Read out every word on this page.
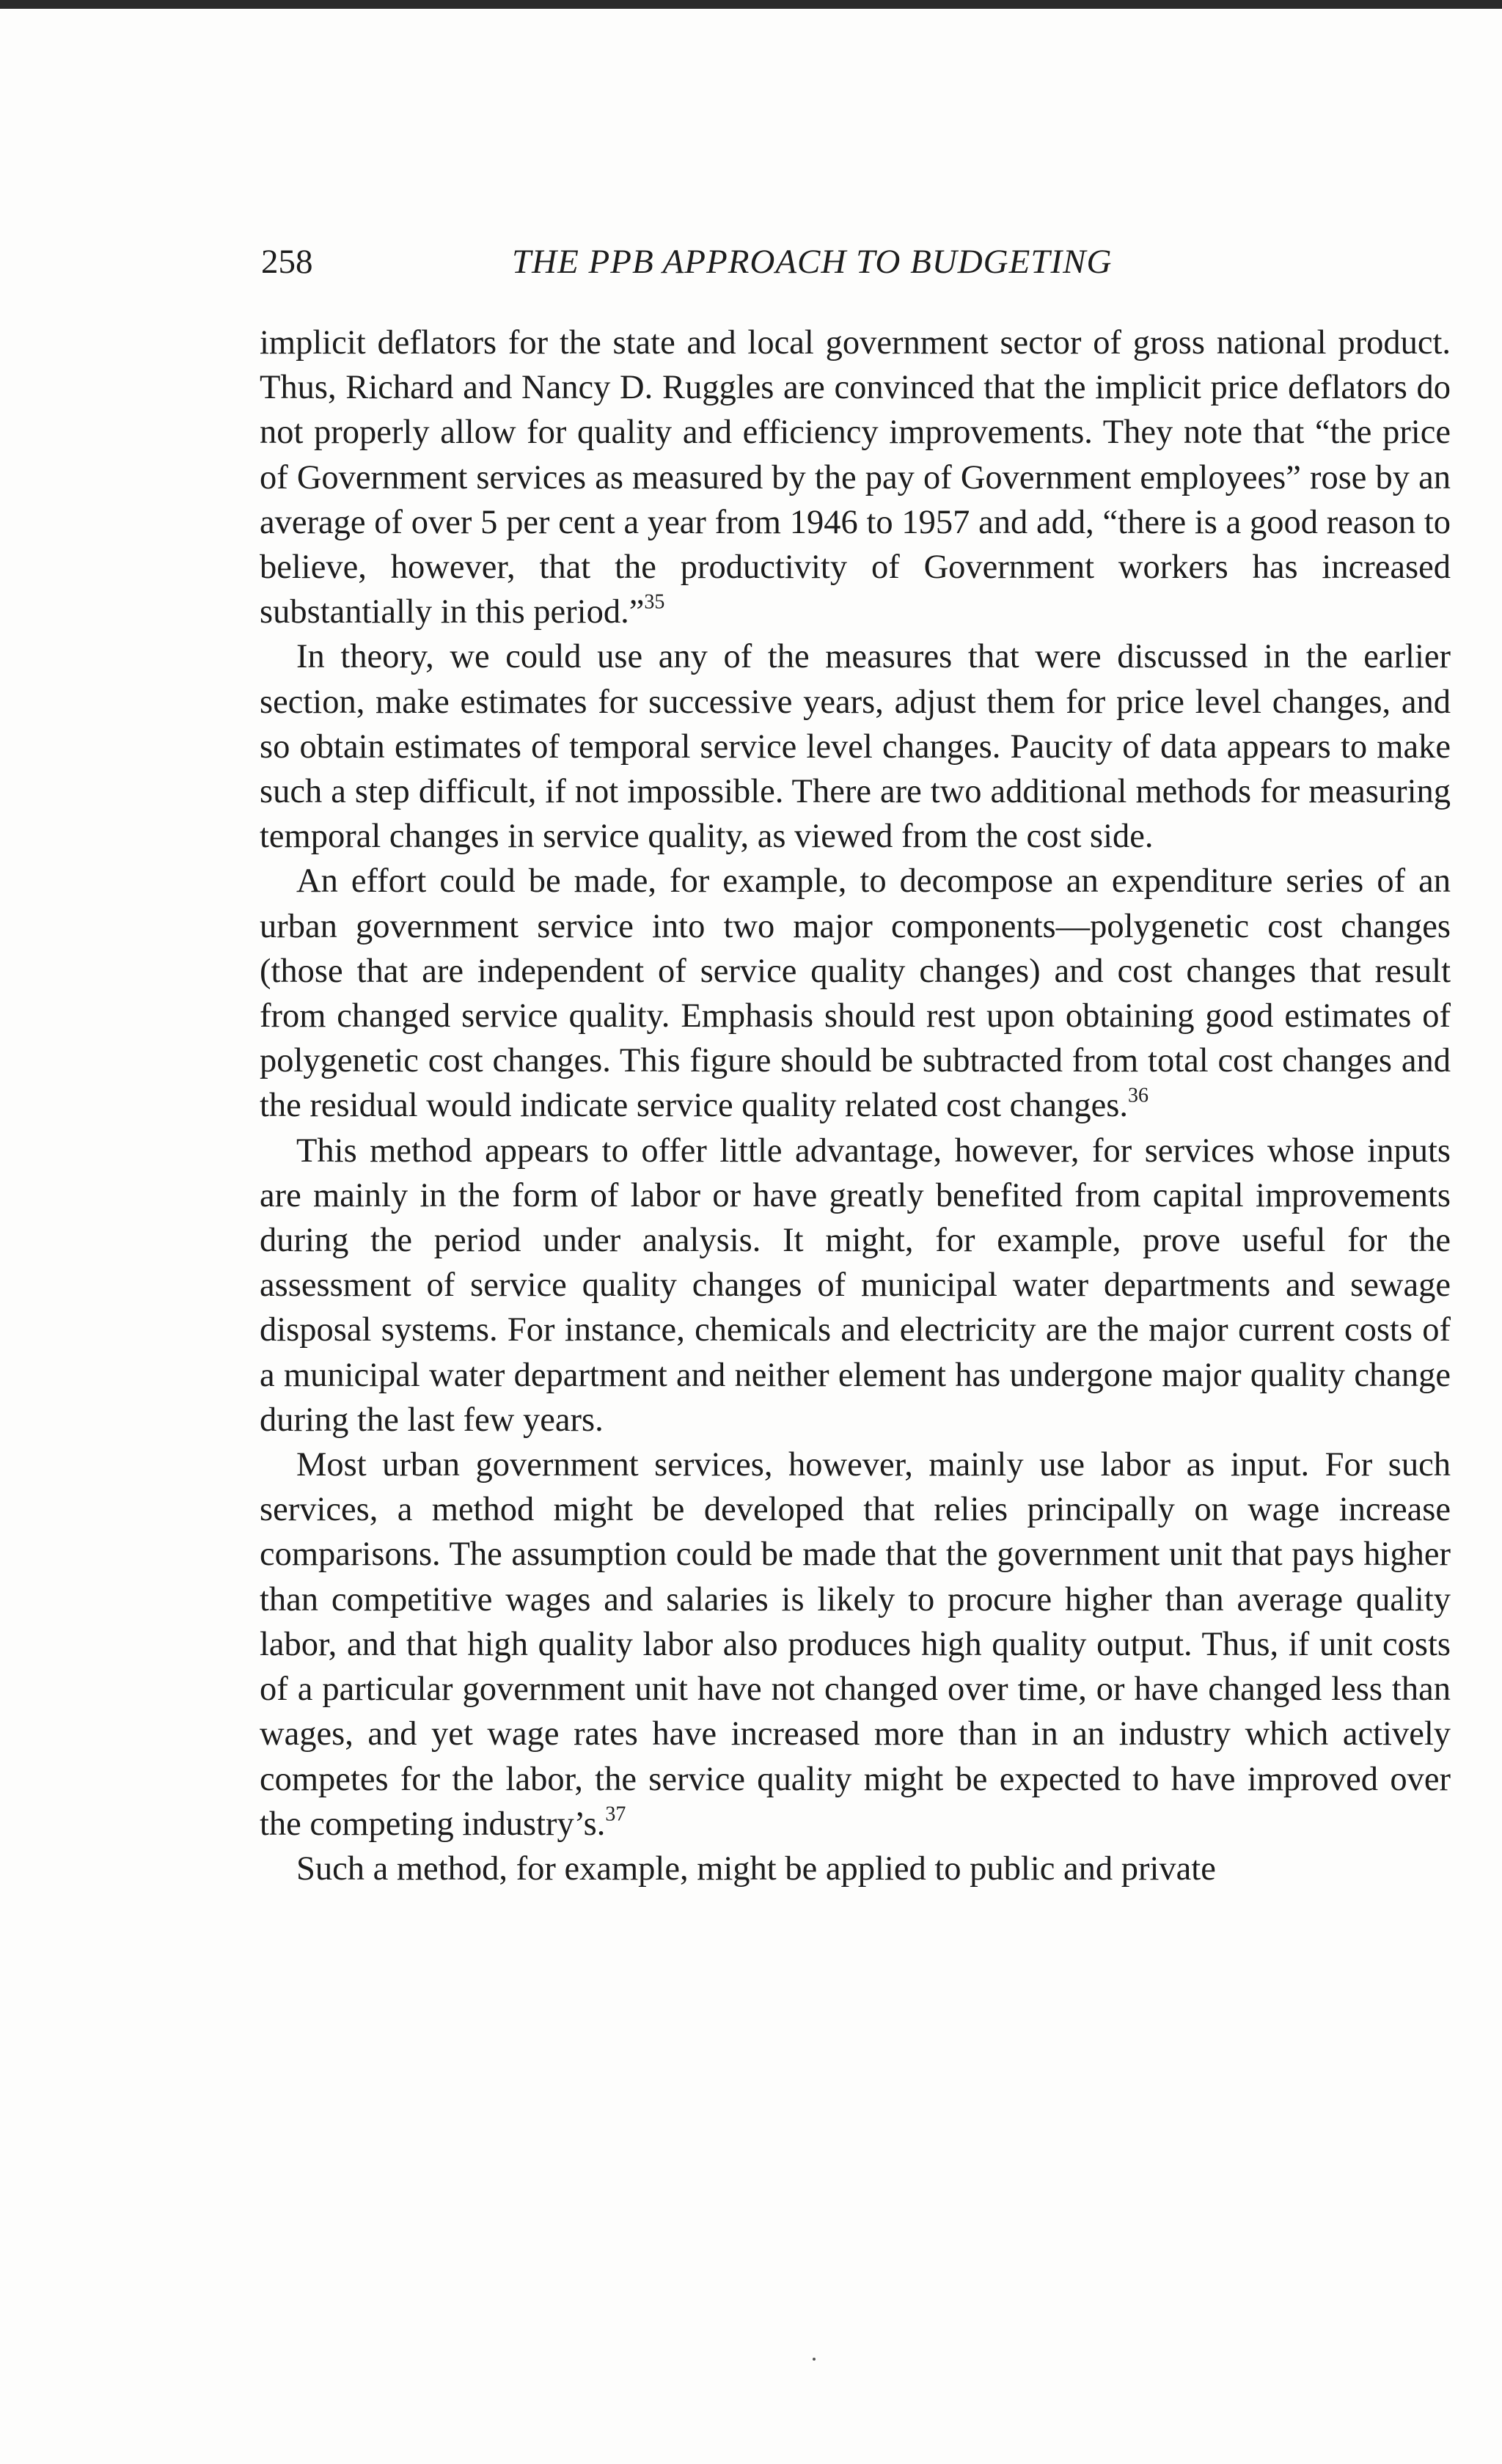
258	THE PPB APPROACH TO BUDGETING

implicit deflators for the state and local government sector of gross national product. Thus, Richard and Nancy D. Ruggles are convinced that the implicit price deflators do not properly allow for quality and efficiency improvements. They note that “the price of Government services as measured by the pay of Government employees” rose by an average of over 5 per cent a year from 1946 to 1957 and add, “there is a good reason to believe, however, that the productivity of Government workers has increased substantially in this period.”$^{35}$

In theory, we could use any of the measures that were discussed in the earlier section, make estimates for successive years, adjust them for price level changes, and so obtain estimates of temporal service level changes. Paucity of data appears to make such a step difficult, if not impossible. There are two additional methods for measuring temporal changes in service quality, as viewed from the cost side.

An effort could be made, for example, to decompose an expenditure series of an urban government service into two major components—polygenetic cost changes (those that are independent of service quality changes) and cost changes that result from changed service quality. Emphasis should rest upon obtaining good estimates of polygenetic cost changes. This figure should be subtracted from total cost changes and the residual would indicate service quality related cost changes.$^{36}$

This method appears to offer little advantage, however, for services whose inputs are mainly in the form of labor or have greatly benefited from capital improvements during the period under analysis. It might, for example, prove useful for the assessment of service quality changes of municipal water departments and sewage disposal systems. For instance, chemicals and electricity are the major current costs of a municipal water department and neither element has undergone major quality change during the last few years.

Most urban government services, however, mainly use labor as input. For such services, a method might be developed that relies principally on wage increase comparisons. The assumption could be made that the government unit that pays higher than competitive wages and salaries is likely to procure higher than average quality labor, and that high quality labor also produces high quality output. Thus, if unit costs of a particular government unit have not changed over time, or have changed less than wages, and yet wage rates have increased more than in an industry which actively competes for the labor, the service quality might be expected to have improved over the competing industry’s.$^{37}$

Such a method, for example, might be applied to public and private
